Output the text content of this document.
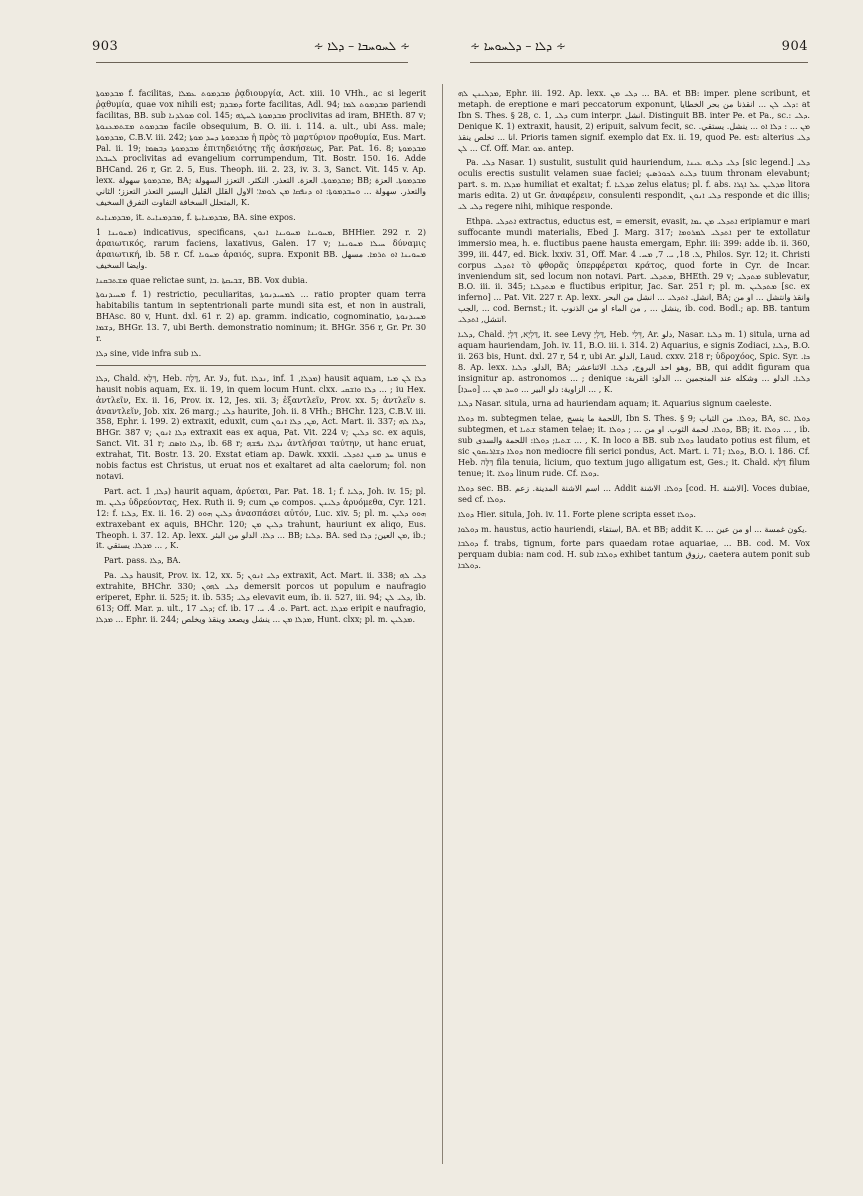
903	∻ ܠܚܘܚܒܐ – ܕܠܐ ∻	∻ ܕܠܐ – ܕܠܚܘܚܐ ∻	904

ܡܒܕܡܘܬܐ f. facilitas, ܡܒܕܡܘܬ ܥܡܠܐ ῥᾳδιουργία, Act. xiii. 10 VHh., ac si legerit ῥᾳθυμία, quae vox nihili est; ܕܡܒܕܡ forte facilitas, Adl. 94; ܡܒܕܡܘܬ ܠܡܐ pariendi facilitas, BB. sub ܡܘܠܕܢܐ col. 145; ܡܒܕܡܘܬܐ ܠܚܛܗ proclivitas ad iram, BHEth. 87 v; ܡܒܕܡܘܬ ܡܫܬܡܥܢܘܬܐ facile obsequium, B. O. iii. i. 114. a. ult., ubi Ass. male; ܡܒܕܡܘܬܐ, C.B.V. iii. 242; ܡܒܕܡܘܬܐ ܕܚܕ ܡܘܬܐ ἡ πρὸς τὸ μαρτύριον προθυμία, Eus. Mart. Pal. ii. 19; ܡܒܕܡܘܬܐ ܕܒܣܡܐ ἐπιτηδειότης τῆς ἀσκήσεως, Par. Pat. 16. 8; ܡܒܕܡܘܬܐ ܠܚܒܠܐ proclivitas ad evangelium corrumpendum, Tit. Bostr. 150. 16. Adde BHCand. 26 r, Gr. 2. 5, Eus. Theoph. iii. 2. 23, iv. 3. 3, Sanct. Vit. 145 v. Ap. lexx. ܡܒܕܡܘܬܐ سهولة, BA; ܡܒܕܡܘܬܐ. العزة. التعذر. التكثر. التعزز السهولة; BB; ܡܒܕܡܘܬܐ. العزة والتعذر. سهولة ... ܘܚܒܕܡܘܬܐ: ܐܘ ܕܢܦܩܐ ܡܢ ܠܘܡܐ؛ الاول القلل القليل اليسير التعذر التعزز؛ الثاني المتحلل السخافة التفاوت التفرق السخيف, K.

ܡܒܕܡܢܐܝܬ, it. ܡܒܕܡܢܐܝܬ, f. ܡܒܕܡܢܐܝܬܐ, BA. sine expos.

ܡܚܘܝܢܐ 1) indicativus, specificans, ܡܚܘܝܢܐ ܡܚܘܝܢܐ ܐܢܘܢ, BHHier. 292 r. 2) ἀραιωτικός, rarum faciens, laxativus, Galen. 17 v; ܚܝܠܐ ܡܚܘܝܢܐ δύναμις ἀραιωτική, ib. 58 r. Cf. ܡܚܘܝܐ ἀραιός, supra. Exponit BB. ܡܚܘܝܢܐ ܐܘ ܬܪܡܐ. مسهل وايضا السخيف.

ܡܫܬܒܩܢܐ quae relictae sunt, ܫܒܝܩܬܐ .ܒܐ, BB. Vox dubia.

ܡܚܝܕܢܘܬܐ f. 1) restrictio, peculiaritas, ܠܡܚܝܕܢܘܬܐ ... ratio propter quam terra habitabilis tantum in septentrionali parte mundi sita est, et non in australi, BHAsc. 80 v, Hunt. dxl. 61 r. 2) ap. gramm. indicatio, cognominatio, ܡܚܝܕܢܘܬܐ ܕܫܡܐ, BHGr. 13. 7, ubi Berth. demonstratio nominum; it. BHGr. 356 r, Gr. Pr. 30 r.

ܕܠܐ sine, vide infra sub ܠܐ.

ܕܠܐ, Chald. דְּלָא, Heb. דָּלָה, Ar. دلا, fut. ܢܕܠܐ, inf. ܡܕܠܐ, 1) hausit aquam, ܕܠܐ ܠܢ ܡܝܐ hausit nobis aquam, Ex. ii. 19, in quem locum Hunt. clxx. ܕܠܐ ܘܐܫܩܝ ... ; iu Hex. ἀντλεῖν, Ex. ii. 16, Prov. ix. 12, Jes. xii. 3; ἐξαντλεῖν, Prov. xx. 5; ἀντλεῖν s. ἀναντλεῖν, Job. xix. 26 marg.; ܕܠܝ haurite, Joh. ii. 8 VHh.; BHChr. 123, C.B.V. iii. 358, Ephr. i. 199. 2) extraxit, eduxit, cum ܡܢ, ܕܠܐ ܐܢܘܢ, Act. Mart. ii. 337; ܕܠܐ ܠܗ, BHGr. 387 v; ܕܠܐ ܐܢܘܢ extraxit eas ex aqua, Pat. Vit. 224 v; ܕܠܝܢ sc. ex aquis, Sanct. Vit. 31 r; ܕܠܐ ܘܐܣܩ, ib. 68 r; ܢܕܠܐ ܢܦܫܗ ἀντλήσαι ταύτην, ut hanc eruat, extrahat, Tit. Bostr. 13. 20. Exstat etiam ap. Dawk. xxxii. ܚܕ ܡܢܢ ܐܬܕܠܝ unus e nobis factus est Christus, ut eruat nos et exaltaret ad alta caelorum; fol. non notavi.

Part. act. ܕܠܐ, 1) haurit aquam, ἀρύεται, Par. Pat. 18. 1; f. ܕܠܝܐ, Joh. iv. 15; pl. m. ܕܠܝܢ ὑδρεύοντας, Hex. Ruth ii. 9; cum ܡܢ compos. ܕܠܝܢܢ ἀρυόμεθα, Cyr. 121. 12: f. ܕܠܝܐ, Ex. ii. 16. 2) ܕܠܝܢ ܗܘܘ ἀνασπάσει αὐτόν, Luc. xiv. 5; pl. m. ܗܘܘ ܕܠܝܢ extraxebant ex aquis, BHChr. 120; ܕܠܝܢ ܡܢ trahunt, hauriunt ex aliqo, Eus. Theoph. i. 37. 12. Ap. lexx. ܕܠܐ. الدلو من البئر ... BB; ܕܠܝܐ. BA. sed ܡܢ العين; ܕܠܐ, ib.; it. ܡܕܠܐ. يستقي ... , K.

Part. pass. ܕܠܐ, BA.

Pa. ܕܠܝ hausit, Prov. ix. 12, xx. 5; ܕܠܝ ܐܢܘܢ extraxit, Act. Mart. ii. 338; ܕܠܝ ܠܗ extrahite, BHChr. 330; ܕܠܝ ܠܗܘܢ demersit porcos ut populum e naufragio eriperet, Ephr. ii. 525; it. ib. 535; ܕܠܝ elevavit eum, ib. ii. 527, iii. 94; ܕܠܝ ܠܢ, ib. 613; Off. Mar. ܡ. ult., ܕܠܝ 17; cf. ib. ܘ. 4. ܝ. 17. Part. act. ܡܕܠܐ eripit e naufragio, ܡܕܠܐ ... Ephr. ii. 244; ܡܕܠܐ ܡܢ ... ينشل ويصعد وينقذ ويخلص, Hunt. clxx; pl. m. ܡܕܠܝܢ.

ܡܕܠܝܢܢ ܠܗ, Ephr. iii. 192. Ap. lexx. ܕܠܝ ܡܢ ... BA. et BB: imper. plene scribunt, et metaph. de ereptione e mari peccatorum exponunt, ܕܠܝ ܠܢ ... انقذنا من بحر الخطايا: at Ibn S. Thes. § 28, c. 1, ܕܠܝ cum interpr. انشل. Distinguit BB. inter Pe. et Pa., sc.: ܕܠܝ. Denique K. 1) extraxit, hausit, 2) eripuit, salvum fecit, sc. ܡܢ ... : ܕܠܐ ܐܘ ... ينشل. يستقي. انا ... تخلص ينقذ. Prioris tamen signif. exemplo dat Ex. ii. 19, quod Pe. est: alterius ܕܠܝ ܠܢ ... Cf. Off. Mar. ܡܘ. antep.

Pa. ܕܠܝ Nasar. 1) sustulit, sustulit quid hauriendum, ܕܠܝ ܕܠܝܗ ܥܝܢܐ [sic legend.] ܕܠܝ oculis erectis sustulit velamen suae faciei; ܕܠܝܬ ܠܟܘܪܣܝܟ tuum thronam elevabunt; part. s. m. ܡܕܠܐ humiliat et exaltat; f. ܡܕܠܝܐ zelus elatus; pl. f. abs. ܡܕܠܝܢ ܥܠ ܐܓܪܐ litora maris edita. 2) ut Gr. ἀναφέρειν, consulenti respondit, ܕܠܝ ܐܢܘܢ responde et dic illis; ܕܠܝ ܠܝ regere nihi, mihique responde.

Ethpa. ܐܬܕܠܝ extractus, eductus est, = emersit, evasit, ܐܬܕܠܝ ܡܢ ܝܡܐ eripiamur e mari suffocante mundi materialis, Ebed J. Marg. 317; ܐܬܕܠܝ ܠܡܪܘܡܐ per te extollatur immersio mea, h. e. fluctibus paene hausta emergam, Ephr. iii: 399: adde ib. ii. 360, 399, iii. 447, ed. Bick. lxxiv. 31, Off. Mar. ܠ. 18, ܝ. 7, ܡܚ. 4, Philos. Syr. 12; it. Christi corpus ܐܬܕܠܝ τὸ φθορᾶς ὑπερφέρεται κράτος, quod forte in Cyr. de Incar. inveniendum sit, sed locum non notavi. Part. ܡܬܕܠܝ, BHEth. 29 v; ܡܬܕܠܝ sublevatur, B.O. iii. ii. 345; ܡܬܕܠܝܐ e fluctibus eripitur, Jac. Sar. 251 r; pl. m. ܡܬܕܠܝܢ [sc. ex inferno] ... Pat. Vit. 227 r. Ap. lexx. انشل. ܐܬܕܠܝ ... انشل من البحر, BA; وانقذ وانتشل ... او من الجب, ... cod. Bernst.; it. ينشل ... , من الماء او من الذنوب, ib. cod. Bodl.; ap. BB. tantum انتشل, ܐܬܕܠܝ.

ܕܠܝܐ, Chald. דַּלְיָא, דַּלְיָ, it. see Levy דַּלְיָ, Heb. דְּלִי, Ar. دلو, Nasar. ܕܠܝܐ m. 1) situla, urna ad aquam hauriendam, Joh. iv. 11, B.O. iii. i. 314. 2) Aquarius, e signis Zodiaci, ܕܠܝܐ, B.O. ii. 263 bis, Hunt. dxl. 27 r, 54 r, ubi Ar. الدلو, Laud. cxxv. 218 r; ὑδροχόος, Spic. Syr. ܟܐ. 8. Ap. lexx. الدلو. ܕܠܝܐ, BA; وهو احد البروج, ܕܠܝܐ. الاثناعشر, BB, qui addit figuram qua insignitur ap. astronomos ... ; denique ܕܠܝܐ. الدلو ... وشكله عند المنجمين ... الدلو: القربة: الزاوية: دلو البير ... ܘܚܕ ܡܢ ... [ܘܚܕܐ] ... , K.

ܕܠܝܐ Nasar. situla, urna ad hauriendam aquam; it. Aquarius signum caeleste.

ܕܘܠܐ m. subtegmen telae, اللحمة ما ينسج, Ibn S. Thes. § 9; ܕܘܠܐ. من الثياب, BA, sc. ܕܘܠܐ subtegmen, et ܫܬܝܐ stamen telae; it. ܕܘܠܐ. لحمة الثوب. او من ... ; ܕܘܠܐ, BB; it. ܕܘܠܐ ... , ib. sub ܫܬܝܐ; ܕܘܠܐ: اللحمة والسدى ... , K. In loco a BB. sub ܕܘܠܐ laudato potius est filum, et sic ܕܘܠܐ ܕܫܐܪܝܩܘܢ non mediocre fili serici pondus, Act. Mart. i. 71; ܕܘܠܐ, B.O. i. 186. Cf. Heb. דַּלָּה fila tenuia, licium, quo textum jugo alligatum est, Ges.; it. Chald. דַּלָּא filum tenue; it. ܕܘܠܐ linum rude. Cf. ܕܘܠܐ.

ܕܘܠܐ sec. BB. اسم الاشنة المدينة. زعم ... Addit ܕܘܠܐ. الاشنة [cod. H. الاشنة]. Voces dubiae, sed cf. ܕܘܠܐ.

ܕܘܠܐ Hier. situla, Joh. iv. 11. Forte plene scripta esset ܕܘܠܐ.

ܕܘܠܘܐ m. haustus, actio hauriendi, استقاء, BA. et BB; addit K. ... يكون غمسة ... او من عين.

ܕܘܠܒܐ f. trabs, tignum, forte pars quaedam rotae aquariae, ... BB. cod. M. Vox perquam dubia: nam cod. H. sub ܕܘܠܒܐ exhibet tantum رزوق, caetera autem ponit sub ܕܘܠܒܐ.
